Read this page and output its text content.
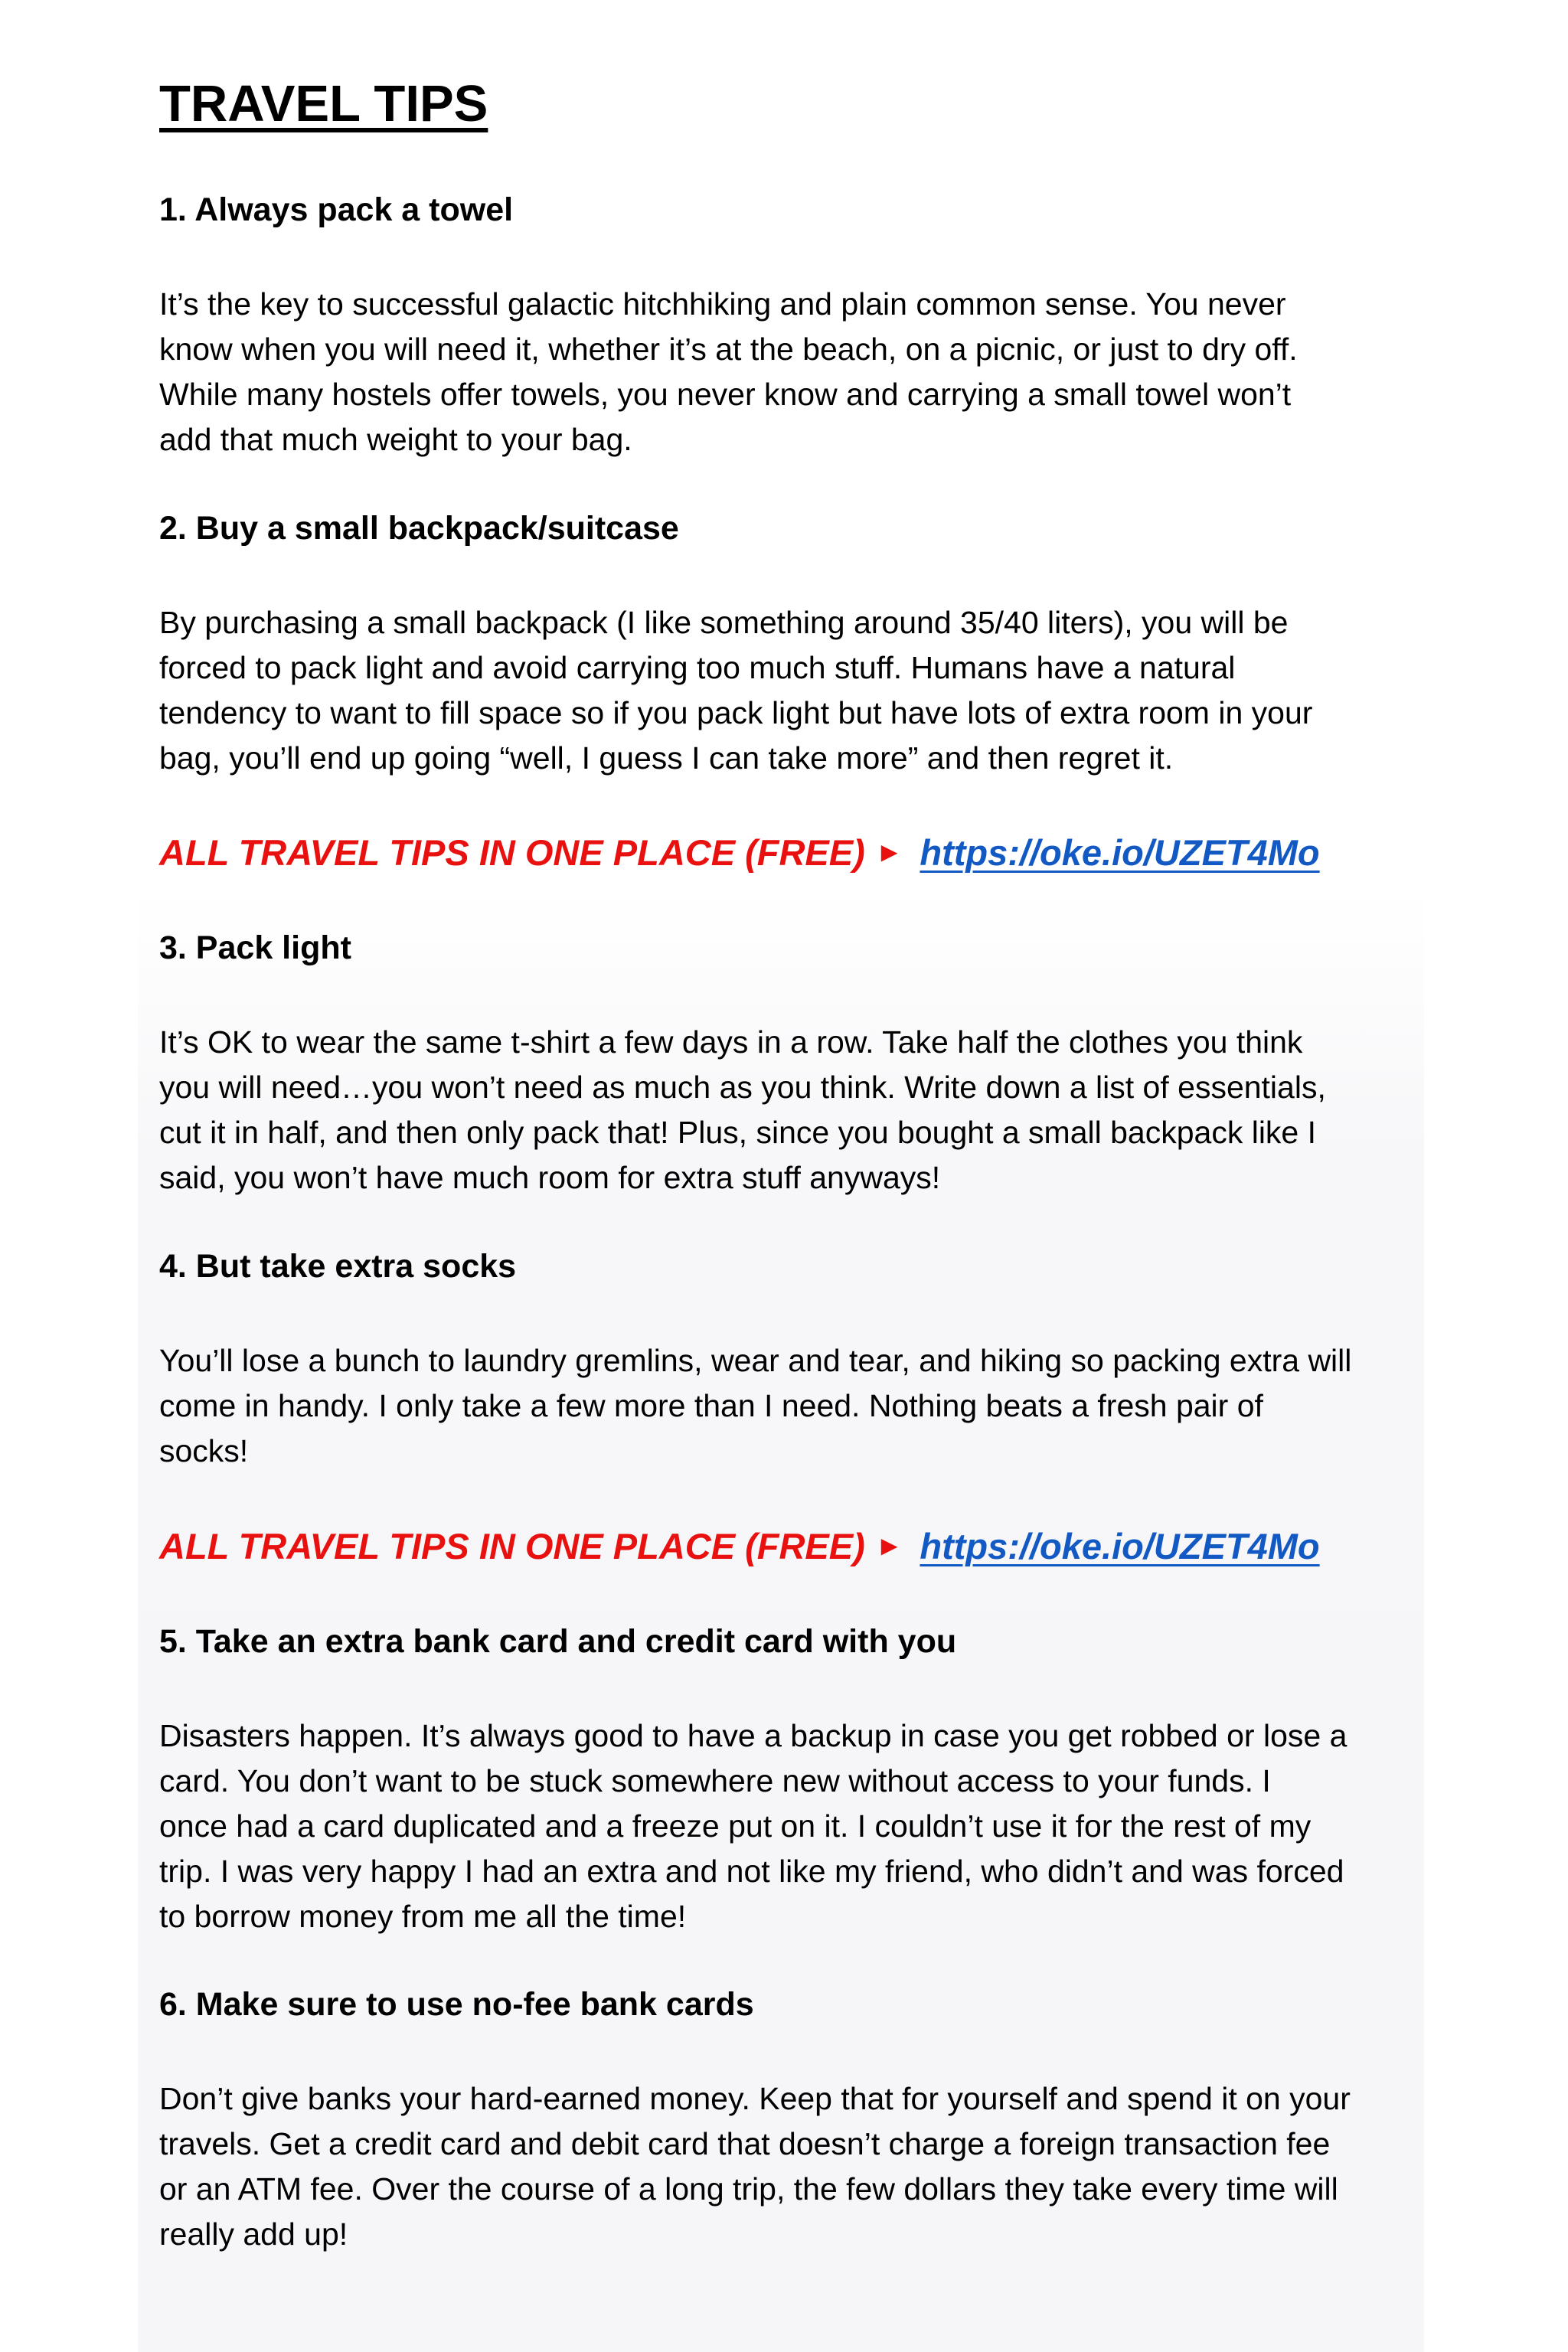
TRAVEL TIPS
1. Always pack a towel

It’s the key to successful galactic hitchhiking and plain common sense. You never
know when you will need it, whether it’s at the beach, on a picnic, or just to dry off.
While many hostels offer towels, you never know and carrying a small towel won’t
add that much weight to your bag.

2. Buy a small backpack/suitcase

By purchasing a small backpack (I like something around 35/40 liters), you will be
forced to pack light and avoid carrying too much stuff. Humans have a natural
tendency to want to fill space so if you pack light but have lots of extra room in your
bag, you’ll end up going “well, I guess I can take more” and then regret it.

ALL TRAVEL TIPS IN ONE PLACE (FREE) ► https://oke.io/UZET4Mo

3. Pack light

It’s OK to wear the same t-shirt a few days in a row. Take half the clothes you think
you will need…you won’t need as much as you think. Write down a list of essentials,
cut it in half, and then only pack that! Plus, since you bought a small backpack like I
said, you won’t have much room for extra stuff anyways!

4. But take extra socks

You’ll lose a bunch to laundry gremlins, wear and tear, and hiking so packing extra will
come in handy. I only take a few more than I need. Nothing beats a fresh pair of
socks!

ALL TRAVEL TIPS IN ONE PLACE (FREE) ► https://oke.io/UZET4Mo

5. Take an extra bank card and credit card with you

Disasters happen. It’s always good to have a backup in case you get robbed or lose a
card. You don’t want to be stuck somewhere new without access to your funds. I
once had a card duplicated and a freeze put on it. I couldn’t use it for the rest of my
trip. I was very happy I had an extra and not like my friend, who didn’t and was forced
to borrow money from me all the time!

6. Make sure to use no-fee bank cards

Don’t give banks your hard-earned money. Keep that for yourself and spend it on your
travels. Get a credit card and debit card that doesn’t charge a foreign transaction fee
or an ATM fee. Over the course of a long trip, the few dollars they take every time will
really add up!
